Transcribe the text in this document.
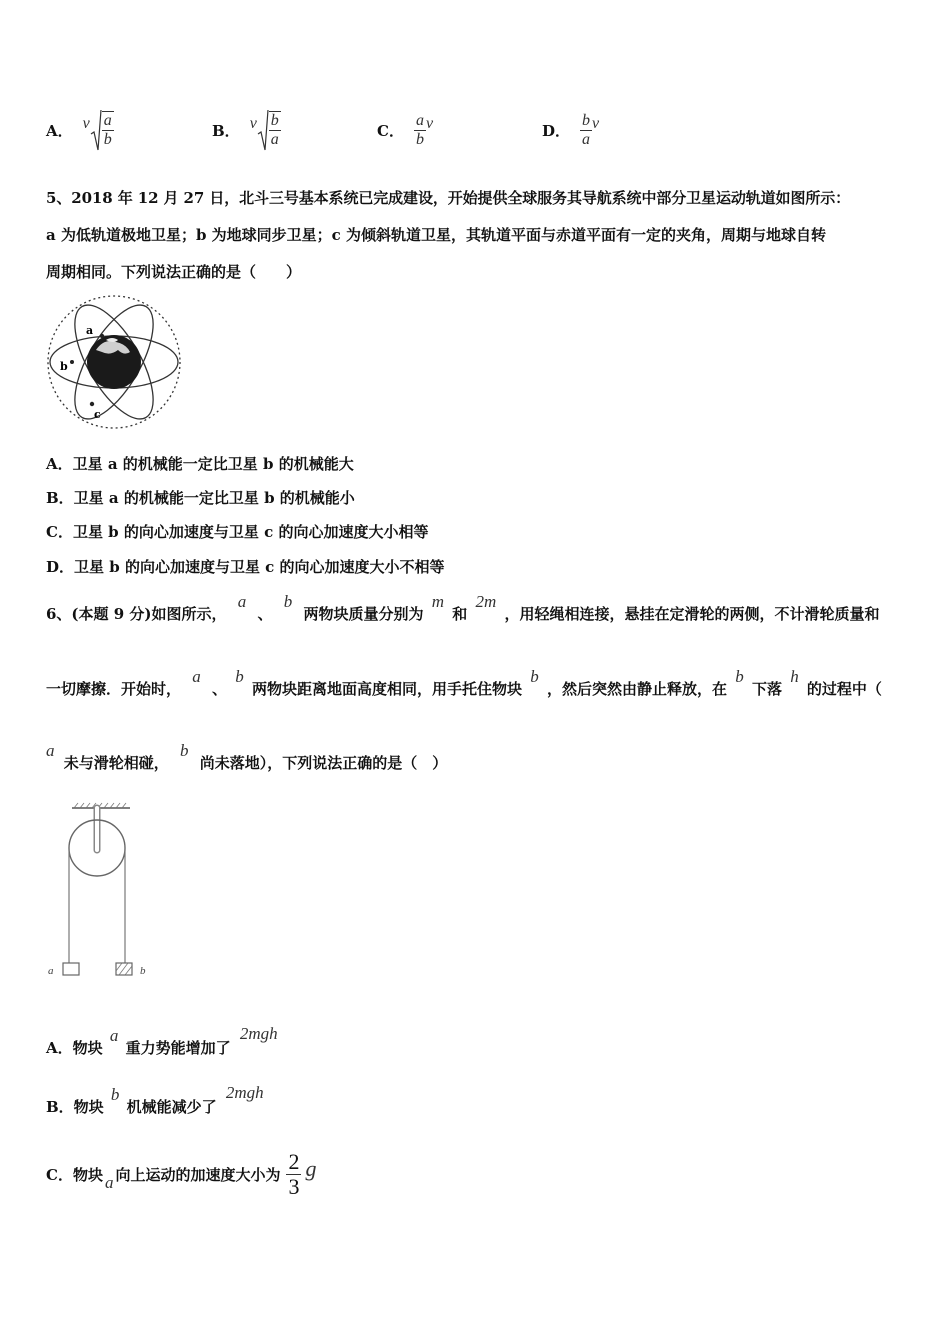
A． v $\frac{a}{b}$	B． v $\frac{b}{a}$	C． $\frac{a}{b}$ v	D． $\frac{b}{a}$ v
5、2018 年 12 月 27 日，北斗三号基本系统已完成建设，开始提供全球服务其导航系统中部分卫星运动轨道如图所示：
a 为低轨道极地卫星；b 为地球同步卫星；c 为倾斜轨道卫星，其轨道平面与赤道平面有一定的夹角，周期与地球自转
周期相同。下列说法正确的是（　　）
a
b
c
A．卫星 a 的机械能一定比卫星 b 的机械能大
B．卫星 a 的机械能一定比卫星 b 的机械能小
C．卫星 b 的向心加速度与卫星 c 的向心加速度大小相等
D．卫星 b 的向心加速度与卫星 c 的向心加速度大小不相等
6、(本题 9 分)如图所示， a 、 b 两物块质量分别为 m 和 2m ，用轻绳相连接，悬挂在定滑轮的两侧，不计滑轮质量和
一切摩擦．开始时， a 、 b 两物块距离地面高度相同，用手托住物块 b ，然后突然由静止释放，在 b 下落 h 的过程中（
a 未与滑轮相碰， b 尚未落地），下列说法正确的是（　）
a	b
A．物块 a 重力势能增加了 2mgh
B．物块 b 机械能减少了 2mgh
C．物块 a 向上运动的加速度大小为 $\frac{2}{3}$ g
